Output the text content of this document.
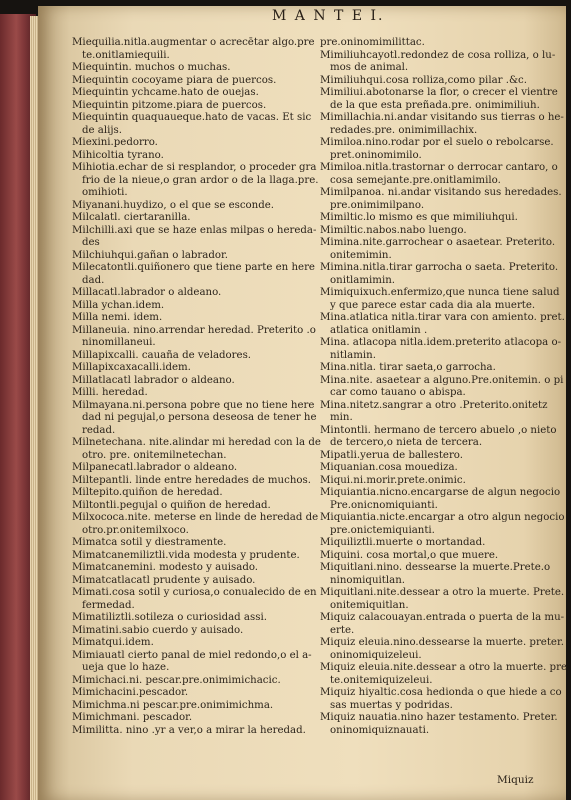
M A N T E I.
Miequilia.nitla.augmentar o acrecētar algo.pre
te.onitlamiequili.
Miequintin. muchos o muchas.
Miequintin cocoyame piara de puercos.
Miequintin ychcame.hato de ouejas.
Miequintin pitzome.piara de puercos.
Miequintin quaquaueque.hato de vacas. Et sic
de alijs.
Miexini.pedorro.
Mihicoltia tyrano.
Mihiotia.echar de si resplandor, o proceder gra
frio de la nieue,o gran ardor o de la llaga.pre.
omihioti.
Miyanani.huydizo, o el que se esconde.
Milcalatl. ciertaranilla.
Milchilli.axi que se haze enlas milpas o hereda-
des
Milchiuhqui.gañan o labrador.
Milecatontli.quiñonero que tiene parte en here
dad.
Millacatl.labrador o aldeano.
Milla ychan.idem.
Milla nemi. idem.
Millaneuia. nino.arrendar heredad. Preterito .o
ninomillaneui.
Millapixcalli. cauaña de veladores.
Millapixcaxacalli.idem.
Millatlacatl labrador o aldeano.
Milli. heredad.
Milmayana.ni.persona pobre que no tiene here
dad ni pegujal,o persona deseosa de tener he
redad.
Milnetechana. nite.alindar mi heredad con la de
otro. pre. onitemilnetechan.
Milpanecatl.labrador o aldeano.
Miltepantli. linde entre heredades de muchos.
Miltepito.quiñon de heredad.
Miltontli.pegujal o quiñon de heredad.
Milxococa.nite. meterse en linde de heredad de
otro.pr.onitemilxoco.
Mimatca sotil y diestramente.
Mimatcanemiliztli.vida modesta y prudente.
Mimatcanemini. modesto y auisado.
Mimatcatlacatl prudente y auisado.
Mimati.cosa sotil y curiosa,o conualecido de en
fermedad.
Mimatiliztli.sotileza o curiosidad assi.
Mimatini.sabio cuerdo y auisado.
Mimatqui.idem.
Mimiauatl cierto panal de miel redondo,o el a-
ueja que lo haze.
Mimichaci.ni. pescar.pre.onimimichacic.
Mimichacini.pescador.
Mimichma.ni pescar.pre.onimimichma.
Mimichmani. pescador.
Mimilitta. nino .yr a ver,o a mirar la heredad.
pre.oninomimilittac.
Mimiliuhcayotl.redondez de cosa rolliza, o lu-
mos de animal.
Mimiliuhqui.cosa rolliza,como pilar .&c.
Mimiliui.abotonarse la flor, o crecer el vientre
de la que esta preñada.pre. onimimiliuh.
Mimillachia.ni.andar visitando sus tierras o he-
redades.pre. onimimillachix.
Mimiloa.nino.rodar por el suelo o rebolcarse.
pret.oninomimilo.
Mimiloa.nitla.trastornar o derrocar cantaro, o
cosa semejante.pre.onitlamimilo.
Mimilpanoa. ni.andar visitando sus heredades.
pre.onimimilpano.
Mimiltic.lo mismo es que mimiliuhqui.
Mimiltic.nabos.nabo luengo.
Mimina.nite.garrochear o asaetear. Preterito.
onitemimin.
Mimina.nitla.tirar garrocha o saeta. Preterito.
onitlamimin.
Mimiquixuch.enfermizo,que nunca tiene salud
y que parece estar cada dia ala muerte.
Mina.atlatica nitla.tirar vara con amiento. pret.
atlatica onitlamin .
Mina. atlacopa nitla.idem.preterito atlacopa o-
nitlamin.
Mina.nitla. tirar saeta,o garrocha.
Mina.nite. asaetear a alguno.Pre.onitemin. o pi
car como tauano o abispa.
Mina.nitetz.sangrar a otro .Preterito.onitetz
min.
Mintontli. hermano de tercero abuelo ,o nieto
de tercero,o nieta de tercera.
Mipatli.yerua de ballestero.
Miquanian.cosa mouediza.
Miqui.ni.morir.prete.onimic.
Miquiantia.nicno.encargarse de algun negocio
Pre.onicnomiquianti.
Miquiantia.nicte.encargar a otro algun negocio
pre.onictemiquianti.
Miquiliztli.muerte o mortandad.
Miquini. cosa mortal,o que muere.
Miquitlani.nino. dessearse la muerte.Prete.o
ninomiquitlan.
Miquitlani.nite.dessear a otro la muerte. Prete.
onitemiquitlan.
Miquiz calacouayan.entrada o puerta de la mu-
erte.
Miquiz eleuia.nino.dessearse la muerte. preter.
oninomiquizeleui.
Miquiz eleuia.nite.dessear a otro la muerte. pre
te.onitemiquizeleui.
Miquiz hiyaltic.cosa hedionda o que hiede a co
sas muertas y podridas.
Miquiz nauatia.nino hazer testamento. Preter.
oninomiquiznauati.
Miquiz
